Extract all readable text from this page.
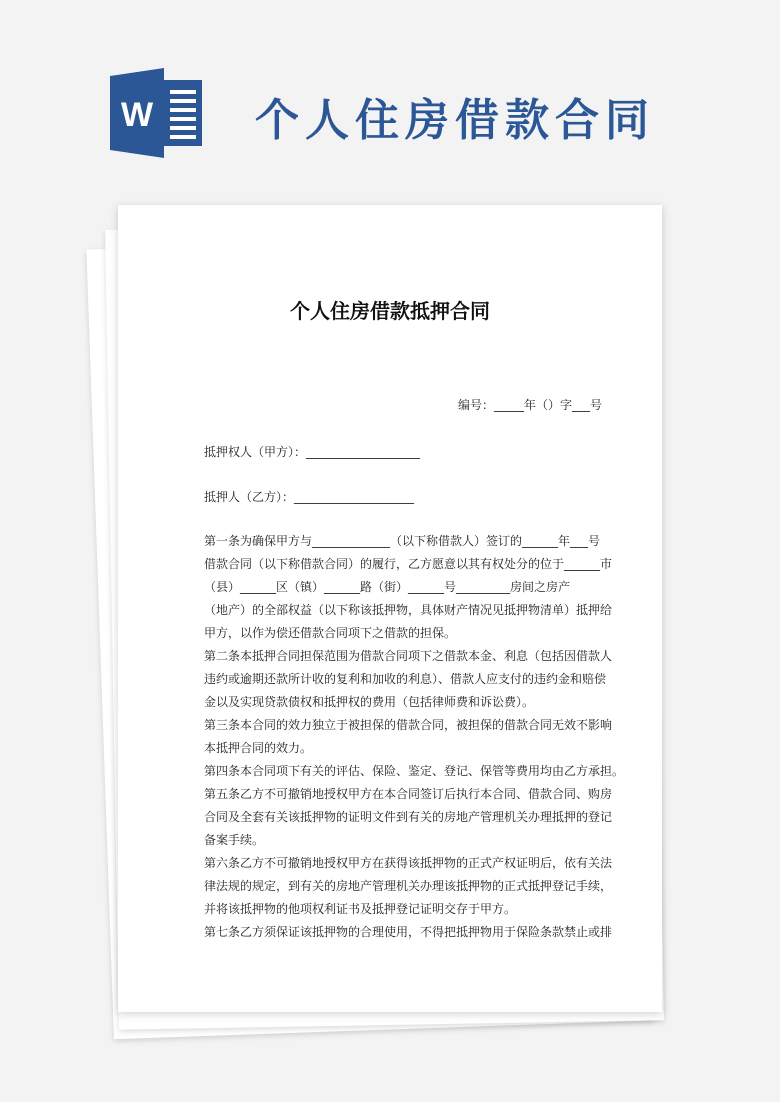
W 个人住房借款合同
个人住房借款抵押合同
编号：_____年（）字___号
抵押权人（甲方）：___________________
抵押人（乙方）：____________________
第一条为确保甲方与_____________（以下称借款人）签订的______年___号
借款合同（以下称借款合同）的履行，乙方愿意以其有权处分的位于______市
（县）______区（镇）______路（街）______号_________房间之房产
（地产）的全部权益（以下称该抵押物，具体财产情况见抵押物清单）抵押给
甲方，以作为偿还借款合同项下之借款的担保。
第二条本抵押合同担保范围为借款合同项下之借款本金、利息（包括因借款人
违约或逾期还款所计收的复利和加收的利息）、借款人应支付的违约金和赔偿
金以及实现贷款债权和抵押权的费用（包括律师费和诉讼费）。
第三条本合同的效力独立于被担保的借款合同，被担保的借款合同无效不影响
本抵押合同的效力。
第四条本合同项下有关的评估、保险、鉴定、登记、保管等费用均由乙方承担。
第五条乙方不可撤销地授权甲方在本合同签订后执行本合同、借款合同、购房
合同及全套有关该抵押物的证明文件到有关的房地产管理机关办理抵押的登记
备案手续。
第六条乙方不可撤销地授权甲方在获得该抵押物的正式产权证明后，依有关法
律法规的规定，到有关的房地产管理机关办理该抵押物的正式抵押登记手续，
并将该抵押物的他项权利证书及抵押登记证明交存于甲方。
第七条乙方须保证该抵押物的合理使用，不得把抵押物用于保险条款禁止或排
